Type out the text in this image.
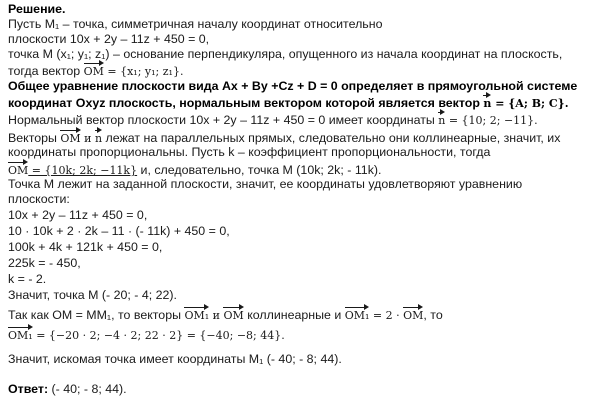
Решение.
Пусть M₁ – точка, симметричная началу координат относительно
плоскости 10x + 2y – 11z + 450 = 0,
точка M (x₁; y₁; z₁) – основание перпендикуляра, опущенного из начала координат на плоскость,
тогда вектор OM = {x₁; y₁; z₁}.
Общее уравнение плоскости вида Ax + By +Cz + D = 0 определяет в прямоугольной системе
координат Oxyz плоскость, нормальным вектором которой является вектор n = {A; B; C}.
Нормальный вектор плоскости 10x + 2y – 11z + 450 = 0 имеет координаты n = {10; 2; −11}.
Векторы OM и n лежат на параллельных прямых, следовательно они коллинеарные, значит, их
координаты пропорциональны. Пусть k – коэффициент пропорциональности, тогда
OM = {10k; 2k; −11k} и, следовательно, точка M (10k; 2k; - 11k).
Точка M лежит на заданной плоскости, значит, ее координаты удовлетворяют уравнению
плоскости:
10x + 2y – 11z + 450 = 0,
10 · 10k + 2 · 2k – 11 · (- 11k) + 450 = 0,
100k + 4k + 121k + 450 = 0,
225k = - 450,
k = - 2.
Значит, точка M (- 20; - 4; 22).
Так как OM = MM₁, то векторы OM₁ и OM коллинеарные и OM₁ = 2 · OM, то
OM₁ = {−20 · 2; −4 · 2; 22 · 2} = {−40; −8; 44}.
Значит, искомая точка имеет координаты M₁ (- 40; - 8; 44).
Ответ: (- 40; - 8; 44).
